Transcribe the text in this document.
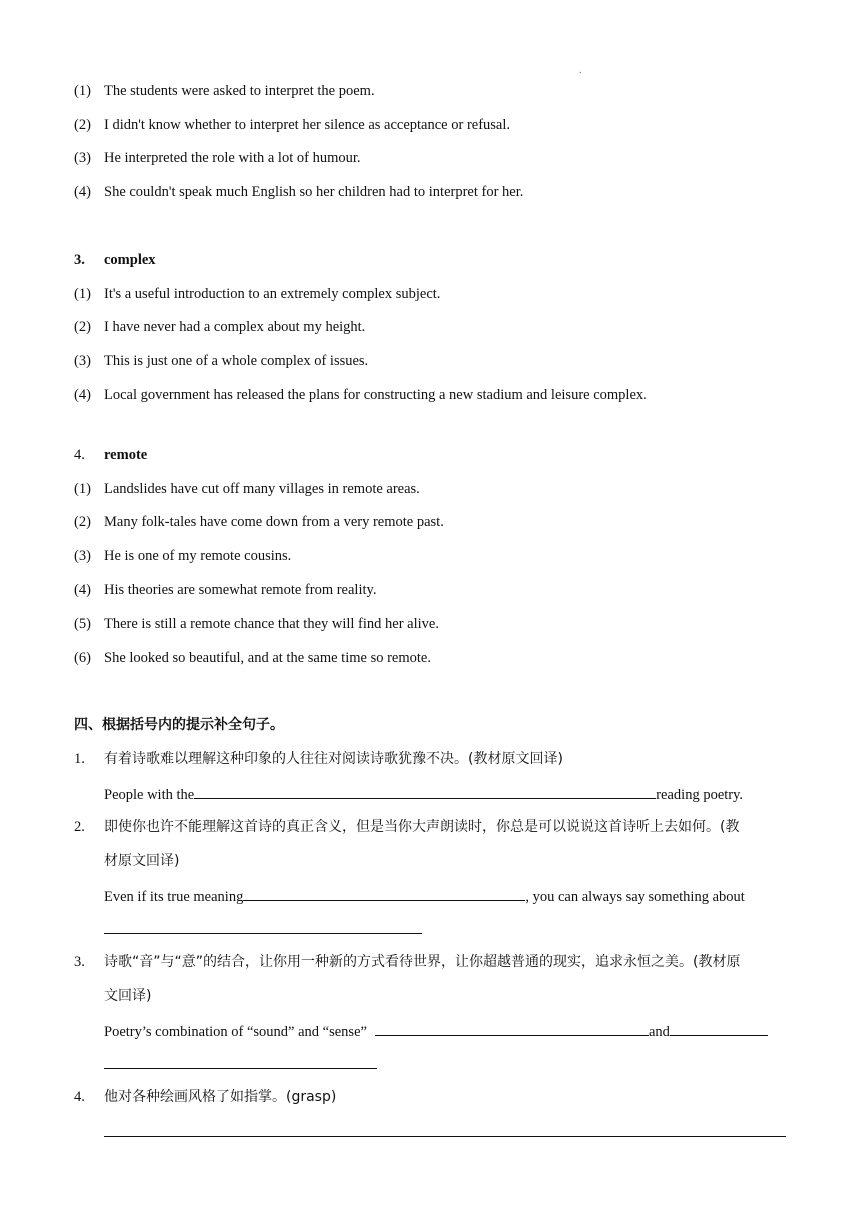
.
(1) The students were asked to interpret the poem.
(2) I didn't know whether to interpret her silence as acceptance or refusal.
(3) He interpreted the role with a lot of humour.
(4) She couldn't speak much English so her children had to interpret for her.
3.	complex
(1) It's a useful introduction to an extremely complex subject.
(2) I have never had a complex about my height.
(3) This is just one of a whole complex of issues.
(4) Local government has released the plans for constructing a new stadium and leisure complex.
4.	remote
(1) Landslides have cut off many villages in remote areas.
(2) Many folk-tales have come down from a very remote past.
(3) He is one of my remote cousins.
(4) His theories are somewhat remote from reality.
(5) There is still a remote chance that they will find her alive.
(6) She looked so beautiful, and at the same time so remote.
四、根据括号内的提示补全句子。
1.	有着诗歌难以理解这种印象的人往往对阅读诗歌犹豫不决。(教材原文回译)
People with the	reading poetry.
2.	即使你也许不能理解这首诗的真正含义，但是当你大声朗读时，你总是可以说说这首诗听上去如何。(教
材原文回译)
Even if its true meaning	, you can always say something about
3.	诗歌“音”与“意”的结合，让你用一种新的方式看待世界，让你超越普通的现实，追求永恒之美。(教材原
文回译)
Poetry’s combination of “sound” and “sense”	and
4.	他对各种绘画风格了如指掌。(grasp)
